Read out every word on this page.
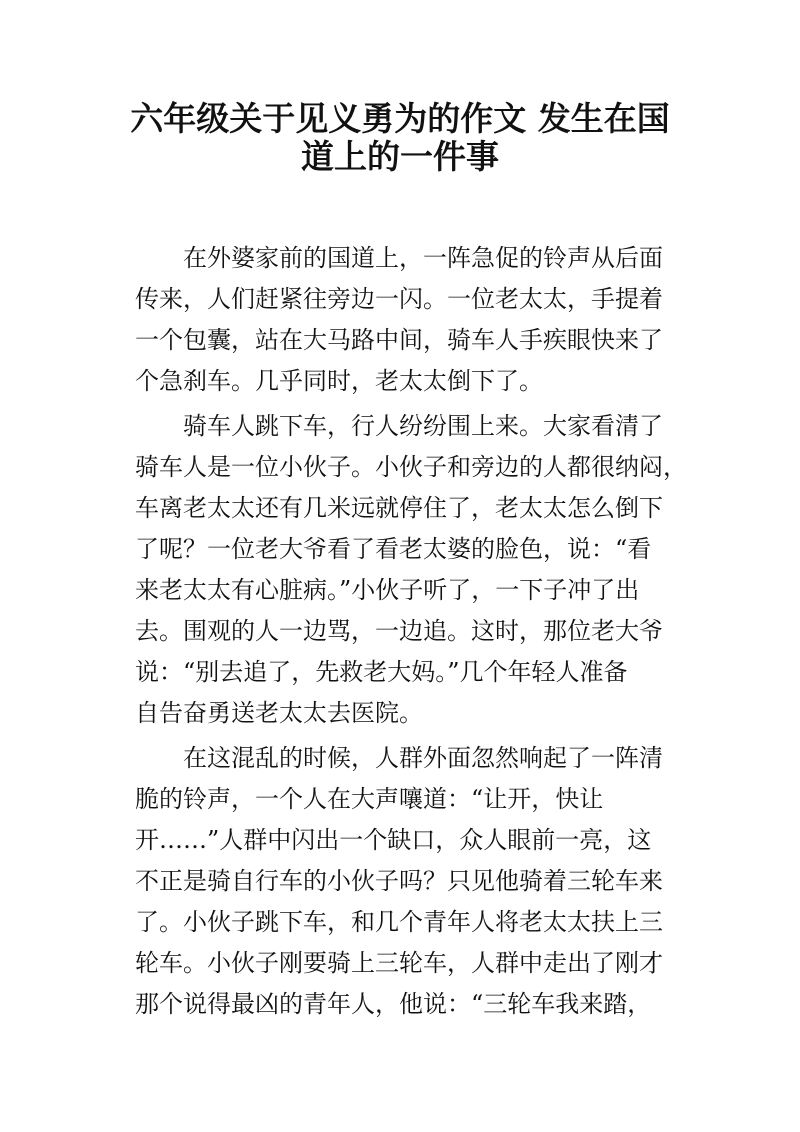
六年级关于见义勇为的作文 发生在国
道上的一件事
在外婆家前的国道上，一阵急促的铃声从后面
传来，人们赶紧往旁边一闪。一位老太太，手提着
一个包囊，站在大马路中间，骑车人手疾眼快来了
个急刹车。几乎同时，老太太倒下了。
骑车人跳下车，行人纷纷围上来。大家看清了
骑车人是一位小伙子。小伙子和旁边的人都很纳闷，
车离老太太还有几米远就停住了，老太太怎么倒下
了呢？一位老大爷看了看老太婆的脸色，说：“看
来老太太有心脏病。”小伙子听了，一下子冲了出
去。围观的人一边骂，一边追。这时，那位老大爷
说：“别去追了，先救老大妈。”几个年轻人准备
自告奋勇送老太太去医院。
在这混乱的时候，人群外面忽然响起了一阵清
脆的铃声，一个人在大声嚷道：“让开，快让
开……”人群中闪出一个缺口，众人眼前一亮，这
不正是骑自行车的小伙子吗？只见他骑着三轮车来
了。小伙子跳下车，和几个青年人将老太太扶上三
轮车。小伙子刚要骑上三轮车，人群中走出了刚才
那个说得最凶的青年人，他说：“三轮车我来踏，
